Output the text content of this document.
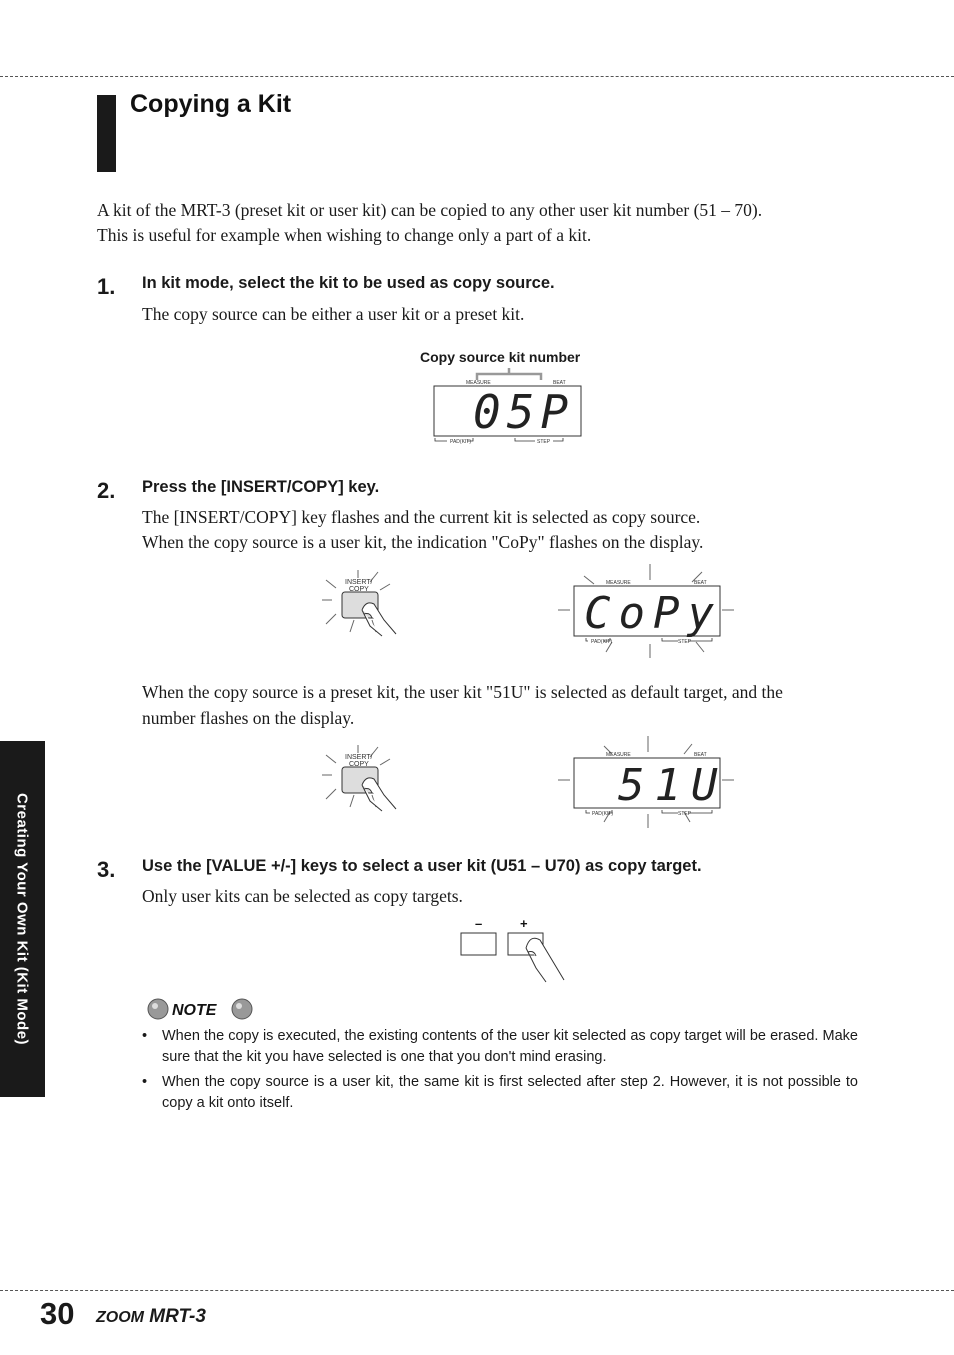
Copying a Kit
A kit of the MRT-3 (preset kit or user kit) can be copied to any other user kit number (51 – 70).
This is useful for example when wishing to change only a part of a kit.
1. In kit mode, select the kit to be used as copy source.
The copy source can be either a user kit or a preset kit.
Copy source kit number
MEASURE	BEAT
05P
PAD(KIT)	STEP
2. Press the [INSERT/COPY] key.
The [INSERT/COPY] key flashes and the current kit is selected as copy source.
When the copy source is a user kit, the indication "CoPy" flashes on the display.
INSERT/
COPY
MEASURE	BEAT
CoPy
PAD(KIT)	STEP
When the copy source is a preset kit, the user kit "51U" is selected as default target, and the
number flashes on the display.
INSERT/
COPY
MEASURE	BEAT
51U
PAD(KIT)	STEP
3. Use the [VALUE +/-] keys to select a user kit (U51 – U70) as copy target.
Only user kits can be selected as copy targets.
–	+
NOTE
•	When the copy is executed, the existing contents of the user kit selected as copy target will be erased. Make sure that the kit you have selected is one that you don't mind erasing.
•	When the copy source is a user kit, the same kit is first selected after step 2. However, it is not possible to copy a kit onto itself.
Creating Your Own Kit (Kit Mode)
30 ZOOM MRT-3
